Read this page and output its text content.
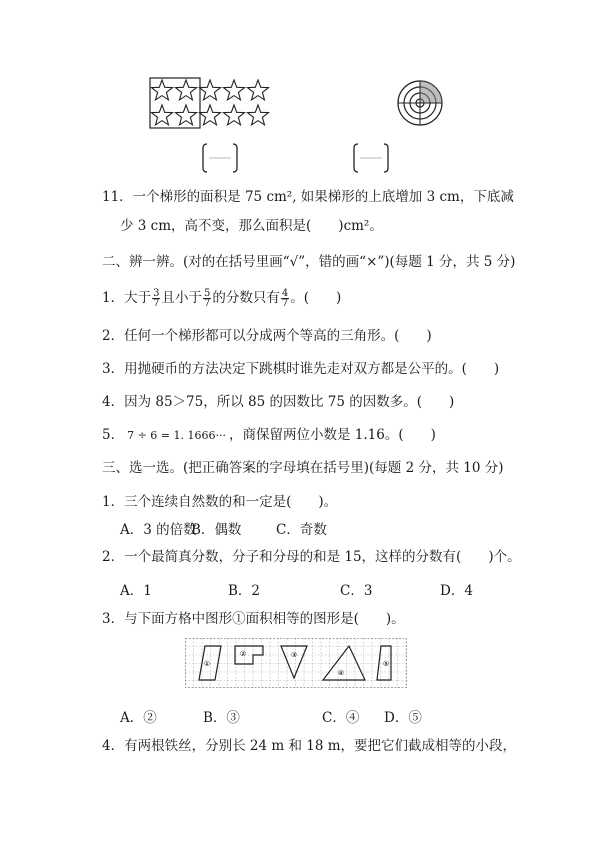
11．一个梯形的面积是 75 cm², 如果梯形的上底增加 3 cm，下底减
少 3 cm，高不变，那么面积是(　　)cm²。
二、辨一辨。(对的在括号里画“√”，错的画“×”)(每题 1 分，共 5 分)
1．大于 $\frac{3}{7}$ 且小于 $\frac{5}{7}$ 的分数只有 $\frac{4}{7}$ 。(　　)
2．任何一个梯形都可以分成两个等高的三角形。(　　)
3．用抛硬币的方法决定下跳棋时谁先走对双方都是公平的。(　　)
4．因为 85＞75，所以 85 的因数比 75 的因数多。(　　)
5． 7 ÷ 6 = 1. 1666··· ，商保留两位小数是 1.16。(　　)
三、选一选。(把正确答案的字母填在括号里)(每题 2 分，共 10 分)
1．三个连续自然数的和一定是(　　)。
A．3 的倍数
B．偶数	C．奇数
2．一个最简真分数，分子和分母的和是 15，这样的分数有(　　)个。
A．1	B．2	C．3	D．4
3．与下面方格中图形①面积相等的图形是(　　)。
①
②	③
④
⑤
A．②	B．③	C．④ D．⑤
4．有两根铁丝，分别长 24 m 和 18 m，要把它们截成相等的小段，
